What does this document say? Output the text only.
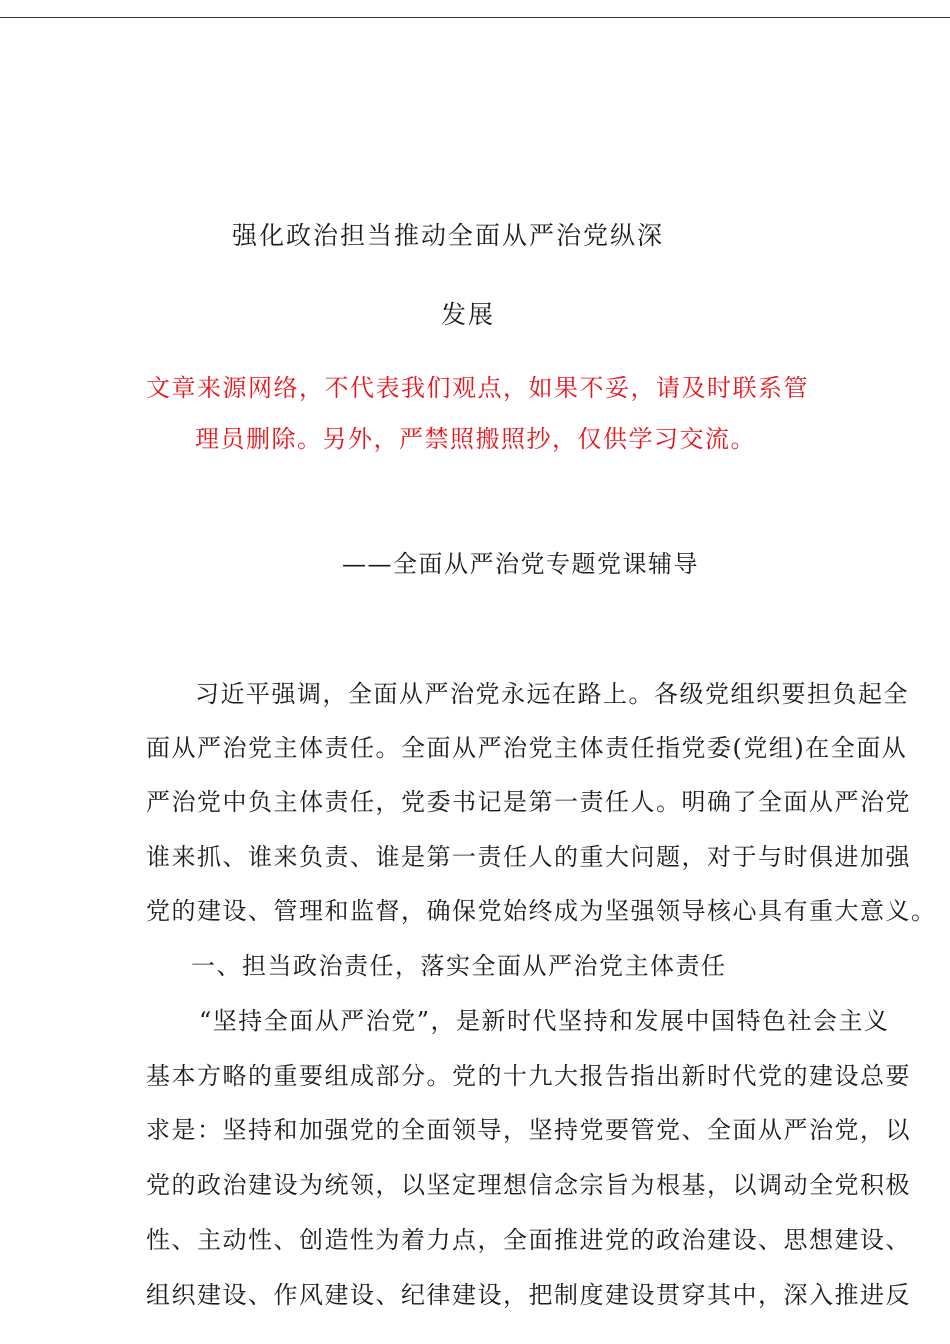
强化政治担当推动全面从严治党纵深
发展
文章来源网络，不代表我们观点，如果不妥，请及时联系管
理员删除。另外，严禁照搬照抄，仅供学习交流。
——全面从严治党专题党课辅导
习近平强调，全面从严治党永远在路上。各级党组织要担负起全
面从严治党主体责任。全面从严治党主体责任指党委(党组)在全面从
严治党中负主体责任，党委书记是第一责任人。明确了全面从严治党
谁来抓、谁来负责、谁是第一责任人的重大问题，对于与时俱进加强
党的建设、管理和监督，确保党始终成为坚强领导核心具有重大意义。
一、担当政治责任，落实全面从严治党主体责任
“坚持全面从严治党”，是新时代坚持和发展中国特色社会主义
基本方略的重要组成部分。党的十九大报告指出新时代党的建设总要
求是：坚持和加强党的全面领导，坚持党要管党、全面从严治党，以
党的政治建设为统领，以坚定理想信念宗旨为根基，以调动全党积极
性、主动性、创造性为着力点，全面推进党的政治建设、思想建设、
组织建设、作风建设、纪律建设，把制度建设贯穿其中，深入推进反
